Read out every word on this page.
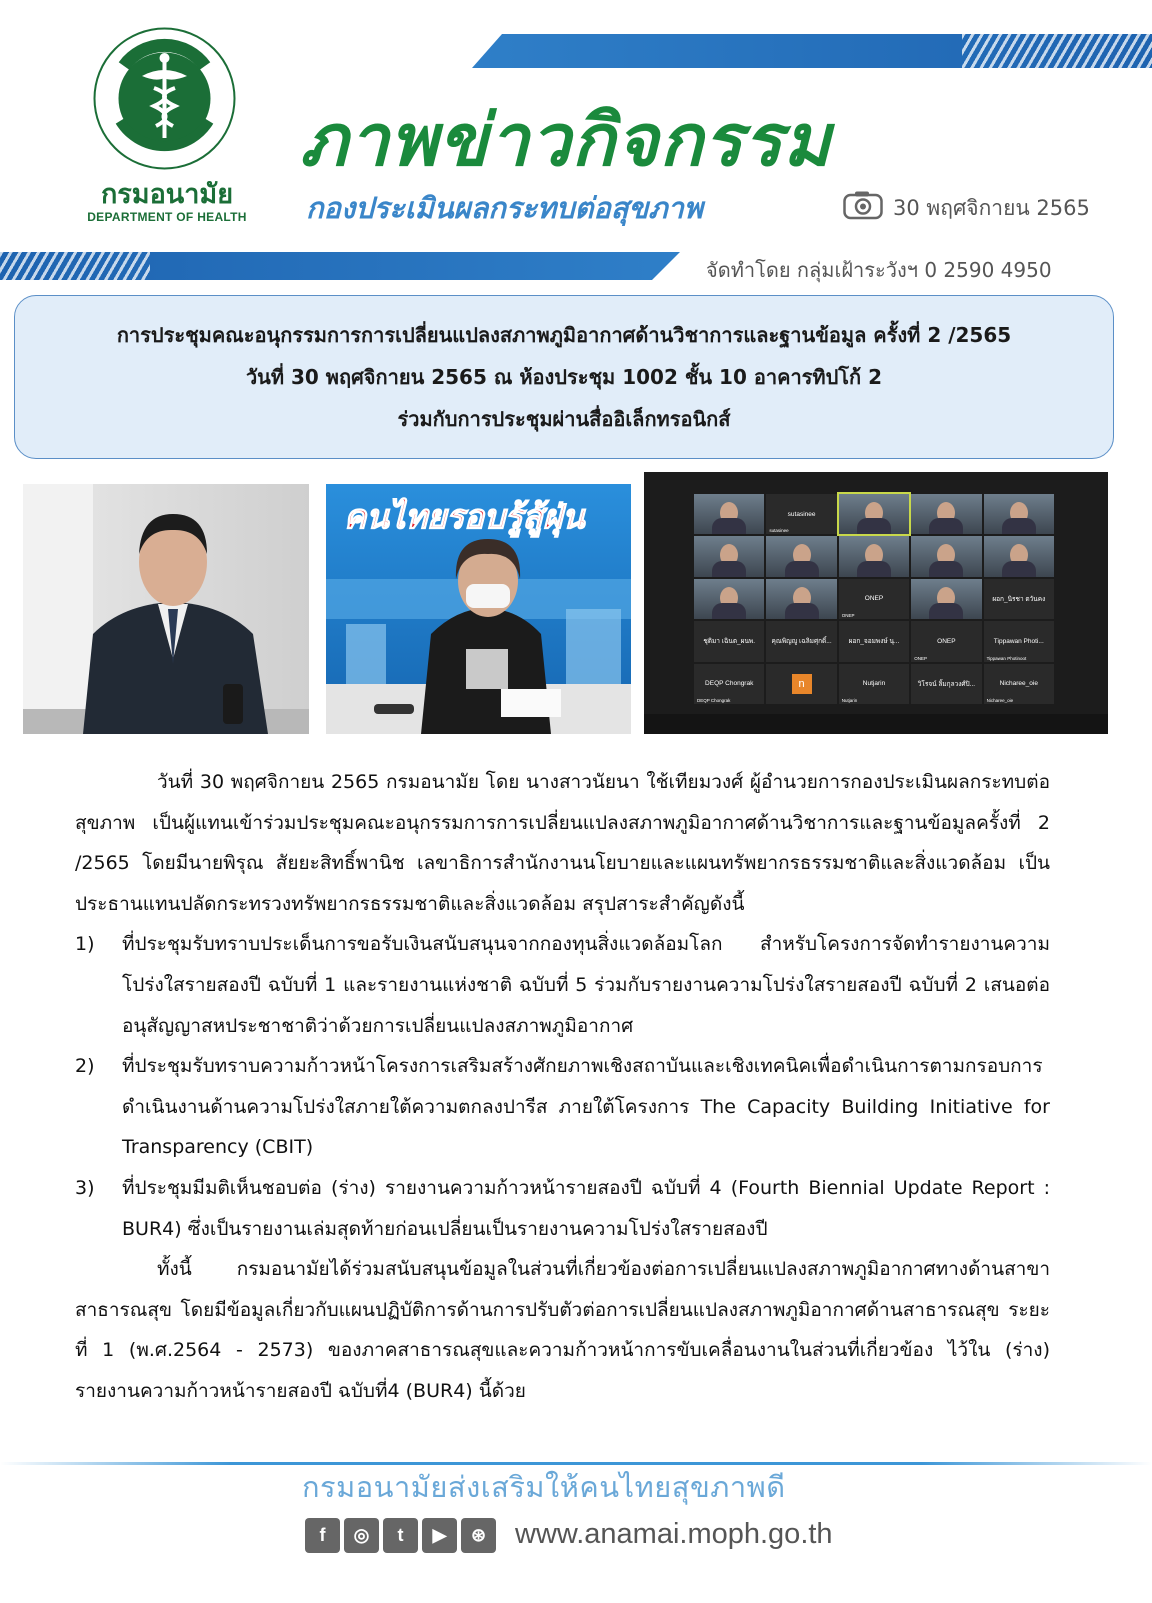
กรมอนามัย
DEPARTMENT OF HEALTH
ภาพข่าวกิจกรรม
กองประเมินผลกระทบต่อสุขภาพ	30 พฤศจิกายน 2565
จัดทำโดย กลุ่มเฝ้าระวังฯ 0 2590 4950
การประชุมคณะอนุกรรมการการเปลี่ยนแปลงสภาพภูมิอากาศด้านวิชาการและฐานข้อมูล ครั้งที่ 2 /2565
วันที่ 30 พฤศจิกายน 2565 ณ ห้องประชุม 1002 ชั้น 10 อาคารทิปโก้ 2
ร่วมกับการประชุมผ่านสื่ออิเล็กทรอนิกส์
คนไทยรอบรู้สู้ฝุ่น	sutasinee
sutasinee
ONEP
ONEP
ผอก_นิรชา ตวันคง
ชุติมา เฉินต_ผนพ.	คุณพิญญู เฉลิมศุกดิ์...	ผอก_จอมพงษ์ นุ...	ONEP
ONEP
Tippawan Photi...
Tippawan Photinoot
DEQP Chongrak
DEQP Chongrak
n	Nutjarin
Nutjarin
วิโรจน์ ลิ้มกุลวงศ์ปิ...	Nicharee_oie
Nicharee_oie

วันที่ 30 พฤศจิกายน 2565 กรมอนามัย โดย นางสาวนัยนา ใช้เทียมวงศ์ ผู้อำนวยการกองประเมินผลกระทบต่อสุขภาพ เป็นผู้แทนเข้าร่วมประชุมคณะอนุกรรมการการเปลี่ยนแปลงสภาพภูมิอากาศด้านวิชาการและฐานข้อมูลครั้งที่ 2 /2565 โดยมีนายพิรุณ สัยยะสิทธิ์พานิช เลขาธิการสำนักงานนโยบายและแผนทรัพยากรธรรมชาติและสิ่งแวดล้อม เป็นประธานแทนปลัดกระทรวงทรัพยากรธรรมชาติและสิ่งแวดล้อม สรุปสาระสำคัญดังนี้

1)	ที่ประชุมรับทราบประเด็นการขอรับเงินสนับสนุนจากกองทุนสิ่งแวดล้อมโลก สำหรับโครงการจัดทำรายงานความโปร่งใสรายสองปี ฉบับที่ 1 และรายงานแห่งชาติ ฉบับที่ 5 ร่วมกับรายงานความโปร่งใสรายสองปี ฉบับที่ 2 เสนอต่ออนุสัญญาสหประชาชาติว่าด้วยการเปลี่ยนแปลงสภาพภูมิอากาศ
2)	ที่ประชุมรับทราบความก้าวหน้าโครงการเสริมสร้างศักยภาพเชิงสถาบันและเชิงเทคนิคเพื่อดำเนินการตามกรอบการดำเนินงานด้านความโปร่งใสภายใต้ความตกลงปารีส ภายใต้โครงการ The Capacity Building Initiative for Transparency (CBIT)
3)	ที่ประชุมมีมติเห็นชอบต่อ (ร่าง) รายงานความก้าวหน้ารายสองปี ฉบับที่ 4 (Fourth Biennial Update Report : BUR4) ซึ่งเป็นรายงานเล่มสุดท้ายก่อนเปลี่ยนเป็นรายงานความโปร่งใสรายสองปี

ทั้งนี้ กรมอนามัยได้ร่วมสนับสนุนข้อมูลในส่วนที่เกี่ยวข้องต่อการเปลี่ยนแปลงสภาพภูมิอากาศทางด้านสาขาสาธารณสุข โดยมีข้อมูลเกี่ยวกับแผนปฏิบัติการด้านการปรับตัวต่อการเปลี่ยนแปลงสภาพภูมิอากาศด้านสาธารณสุข ระยะที่ 1 (พ.ศ.2564 - 2573) ของภาคสาธารณสุขและความก้าวหน้าการขับเคลื่อนงานในส่วนที่เกี่ยวข้อง ไว้ใน (ร่าง) รายงานความก้าวหน้ารายสองปี ฉบับที่4 (BUR4) นี้ด้วย

กรมอนามัยส่งเสริมให้คนไทยสุขภาพดี
f	◎	t	▶	⊛ www.anamai.moph.go.th
